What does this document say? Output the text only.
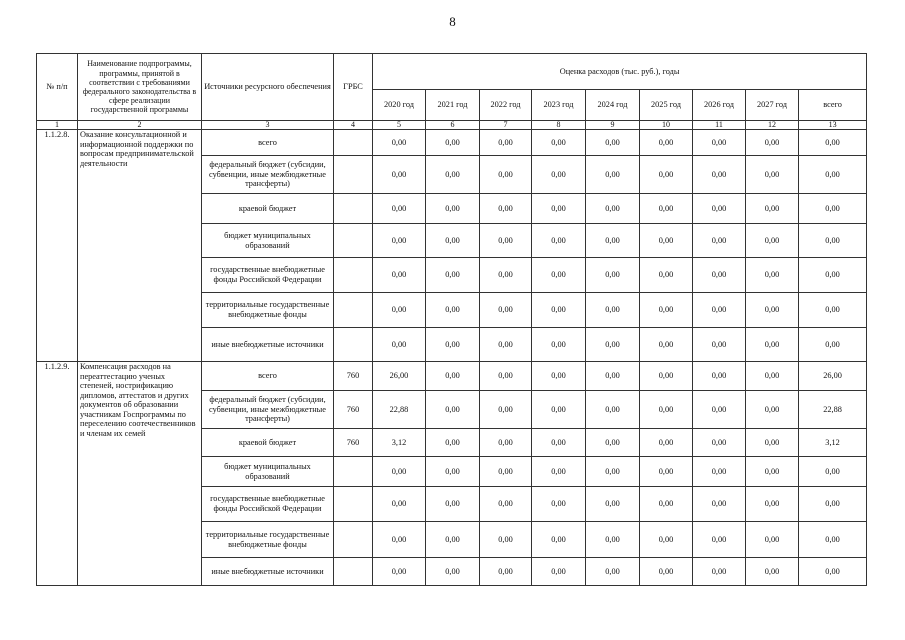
8
№ п/п	Наименование подпрограммы, программы, принятой в соответствии с требованиями федерального законодательства в сфере реализации государственной программы	Источники ресурсного обеспечения	ГРБС	Оценка расходов (тыс. руб.), годы								
				2020 год	2021 год	2022 год	2023 год	2024 год	2025 год	2026 год	2027 год	всего
1	2	3	4	5	6	7	8	9	10	11	12	13
1.1.2.8.	Оказание консультационной и информационной поддержки по вопросам предпринимательской деятельности	всего		0,00	0,00	0,00	0,00	0,00	0,00	0,00	0,00	0,00
		федеральный бюджет (субсидии, субвенции, иные межбюджетные трансферты)		0,00	0,00	0,00	0,00	0,00	0,00	0,00	0,00	0,00
		краевой бюджет		0,00	0,00	0,00	0,00	0,00	0,00	0,00	0,00	0,00
		бюджет муниципальных образований		0,00	0,00	0,00	0,00	0,00	0,00	0,00	0,00	0,00
		государственные внебюджетные фонды Российской Федерации		0,00	0,00	0,00	0,00	0,00	0,00	0,00	0,00	0,00
		территориальные государственные внебюджетные фонды		0,00	0,00	0,00	0,00	0,00	0,00	0,00	0,00	0,00
		иные внебюджетные источники		0,00	0,00	0,00	0,00	0,00	0,00	0,00	0,00	0,00
1.1.2.9.	Компенсация расходов на переаттестацию ученых степеней, нострификацию дипломов, аттестатов и других документов об образовании участникам Госпрограммы по переселению соотечественников и членам их семей	всего	760	26,00	0,00	0,00	0,00	0,00	0,00	0,00	0,00	26,00
		федеральный бюджет (субсидии, субвенции, иные межбюджетные трансферты)	760	22,88	0,00	0,00	0,00	0,00	0,00	0,00	0,00	22,88
		краевой бюджет	760	3,12	0,00	0,00	0,00	0,00	0,00	0,00	0,00	3,12
		бюджет муниципальных образований		0,00	0,00	0,00	0,00	0,00	0,00	0,00	0,00	0,00
		государственные внебюджетные фонды Российской Федерации		0,00	0,00	0,00	0,00	0,00	0,00	0,00	0,00	0,00
		территориальные государственные внебюджетные фонды		0,00	0,00	0,00	0,00	0,00	0,00	0,00	0,00	0,00
		иные внебюджетные источники		0,00	0,00	0,00	0,00	0,00	0,00	0,00	0,00	0,00
